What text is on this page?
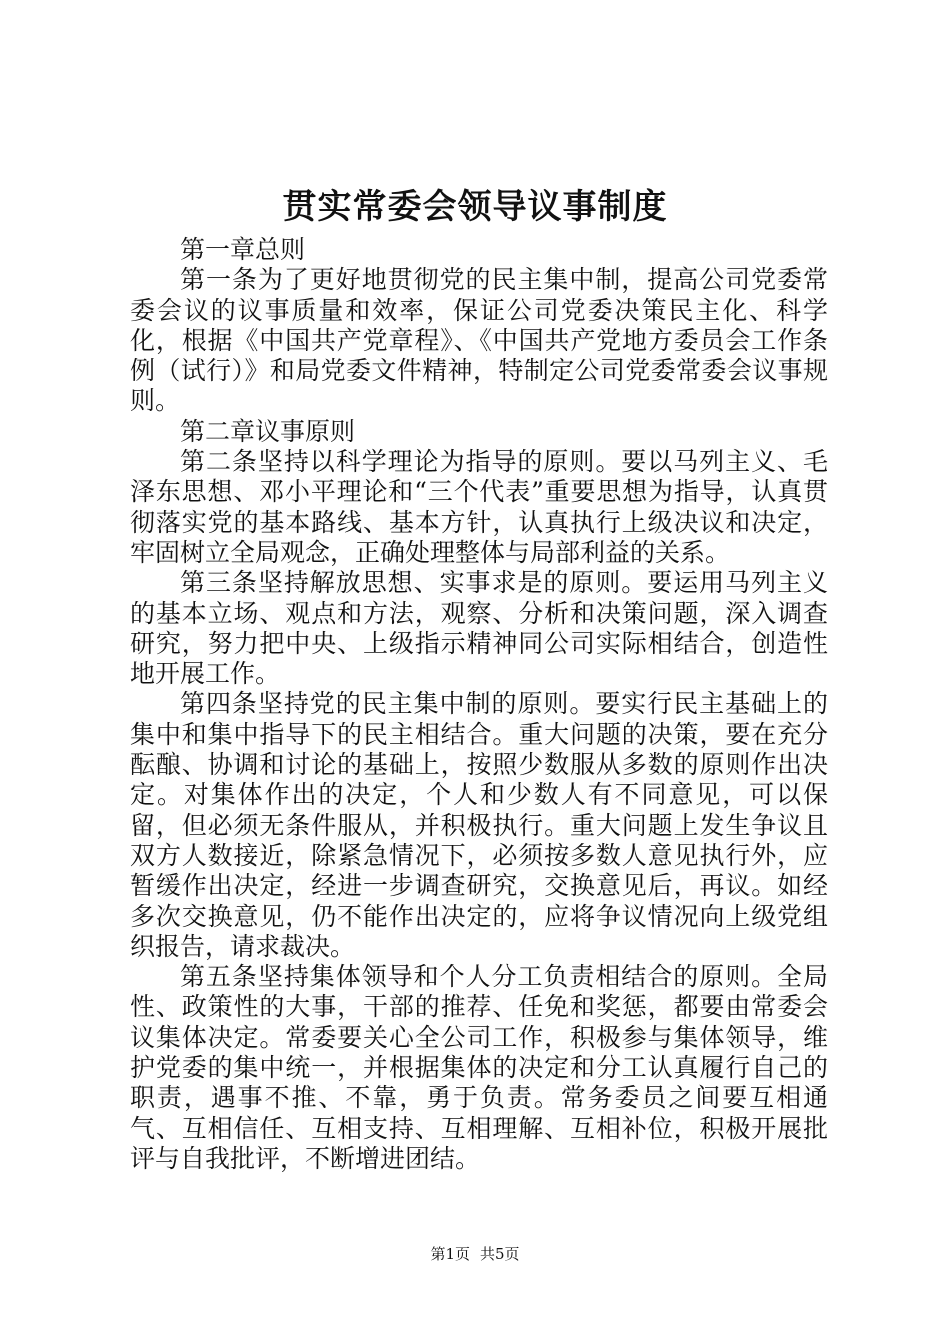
贯实常委会领导议事制度

第一章总则

第一条为了更好地贯彻党的民主集中制，提高公司党委常委会议的议事质量和效率，保证公司党委决策民主化、科学化，根据《中国共产党章程》、《中国共产党地方委员会工作条例（试行）》和局党委文件精神，特制定公司党委常委会议事规则。

第二章议事原则

第二条坚持以科学理论为指导的原则。要以马列主义、毛泽东思想、邓小平理论和“三个代表”重要思想为指导，认真贯彻落实党的基本路线、基本方针，认真执行上级决议和决定，牢固树立全局观念，正确处理整体与局部利益的关系。

第三条坚持解放思想、实事求是的原则。要运用马列主义的基本立场、观点和方法，观察、分析和决策问题，深入调查研究，努力把中央、上级指示精神同公司实际相结合，创造性地开展工作。

第四条坚持党的民主集中制的原则。要实行民主基础上的集中和集中指导下的民主相结合。重大问题的决策，要在充分酝酿、协调和讨论的基础上，按照少数服从多数的原则作出决定。对集体作出的决定，个人和少数人有不同意见，可以保留，但必须无条件服从，并积极执行。重大问题上发生争议且双方人数接近，除紧急情况下，必须按多数人意见执行外，应暂缓作出决定，经进一步调查研究，交换意见后，再议。如经多次交换意见，仍不能作出决定的，应将争议情况向上级党组织报告，请求裁决。

第五条坚持集体领导和个人分工负责相结合的原则。全局性、政策性的大事，干部的推荐、任免和奖惩，都要由常委会议集体决定。常委要关心全公司工作，积极参与集体领导，维护党委的集中统一，并根据集体的决定和分工认真履行自己的职责，遇事不推、不靠，勇于负责。常务委员之间要互相通气、互相信任、互相支持、互相理解、互相补位，积极开展批评与自我批评，不断增进团结。

第1页 共5页
